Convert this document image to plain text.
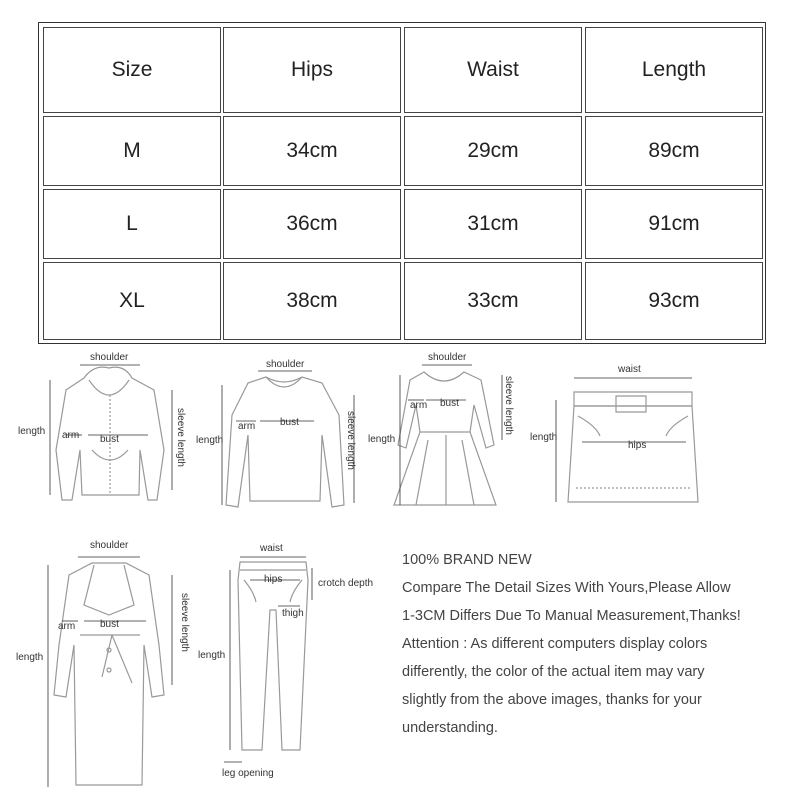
Size	Hips	Waist	Length
M	34cm	29cm	89cm
L	36cm	31cm	91cm
XL	38cm	33cm	93cm
shoulder
length arm bust	sleeve length
shoulder
length
arm bust	sleeve length
shoulder
length
arm bust	sleeve length
waist
length
hips
shoulder
length
arm bust	sleeve length
waist
hips	crotch depth
thigh
length
leg opening

100% BRAND NEW

Compare The Detail Sizes With Yours,Please Allow

1-3CM Differs Due To Manual Measurement,Thanks!

Attention : As different computers display colors

differently, the color of the actual item may vary

slightly from the above images, thanks for your

understanding.
